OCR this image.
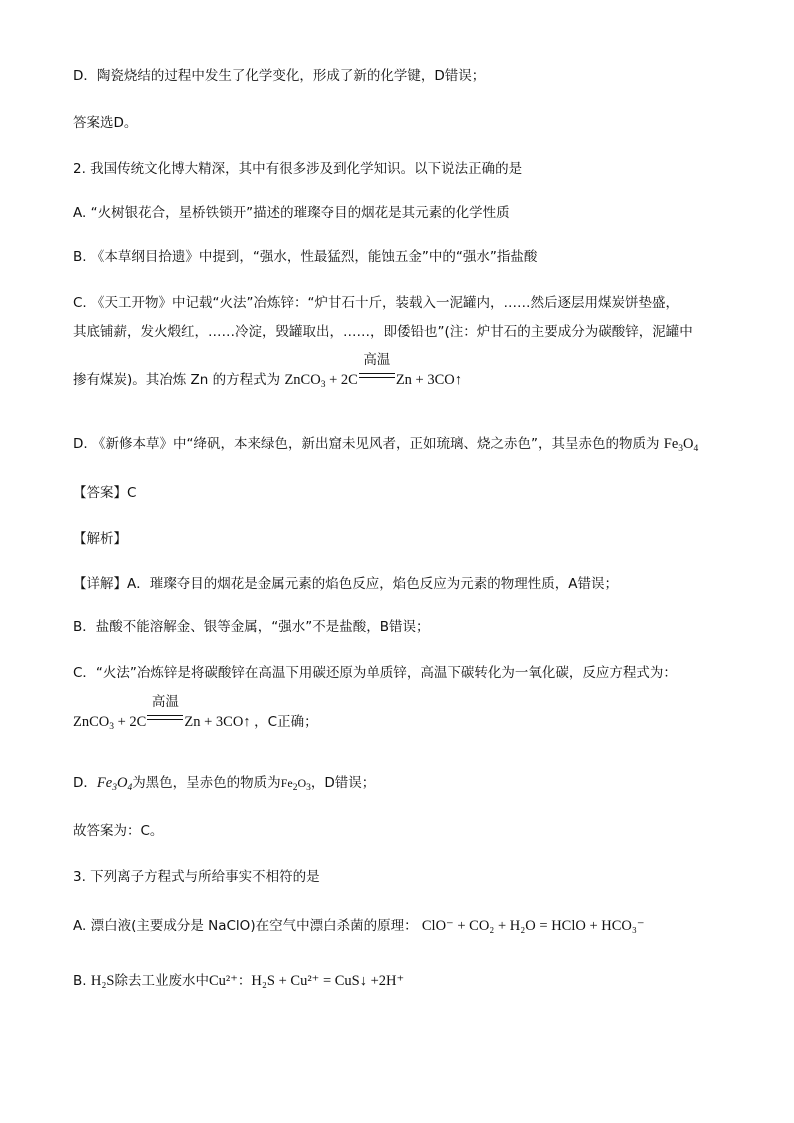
D．陶瓷烧结的过程中发生了化学变化，形成了新的化学键，D错误；
答案选D。
2. 我国传统文化博大精深，其中有很多涉及到化学知识。以下说法正确的是
A. “火树银花合，星桥铁锁开”描述的璀璨夺目的烟花是其元素的化学性质
B. 《本草纲目拾遗》中提到，“强水，性最猛烈，能蚀五金”中的“强水”指盐酸
C. 《天工开物》中记载“火法”冶炼锌：“炉甘石十斤，装载入一泥罐内，……然后逐层用煤炭饼垫盛，
其底铺薪，发火煅红，……冷淀，毁罐取出，……，即倭铅也”(注：炉甘石的主要成分为碳酸锌，泥罐中
掺有煤炭)。其冶炼 Zn 的方程式为 ZnCO$_3$ + 2C
高温
Zn + 3CO↑
D. 《新修本草》中“绛矾，本来绿色，新出窟未见风者，正如琉璃、烧之赤色”，其呈赤色的物质为 $Fe_3O_4$
【答案】C
【解析】
【详解】A．璀璨夺目的烟花是金属元素的焰色反应，焰色反应为元素的物理性质，A错误；
B．盐酸不能溶解金、银等金属，“强水”不是盐酸，B错误；
C．“火法”冶炼锌是将碳酸锌在高温下用碳还原为单质锌，高温下碳转化为一氧化碳，反应方程式为：
ZnCO$_3$ + 2C
高温
Zn + 3CO↑ ，C正确；
D．$Fe_3O_4$为黑色，呈赤色的物质为$Fe_2O_3$，D错误；
故答案为：C。
3. 下列离子方程式与所给事实不相符的是
A. 漂白液(主要成分是 NaClO)在空气中漂白杀菌的原理： ClO⁻ + CO₂ + H₂O = HClO + HCO₃⁻
B. H₂S除去工业废水中Cu²⁺：H₂S + Cu²⁺ = CuS↓ +2H⁺
